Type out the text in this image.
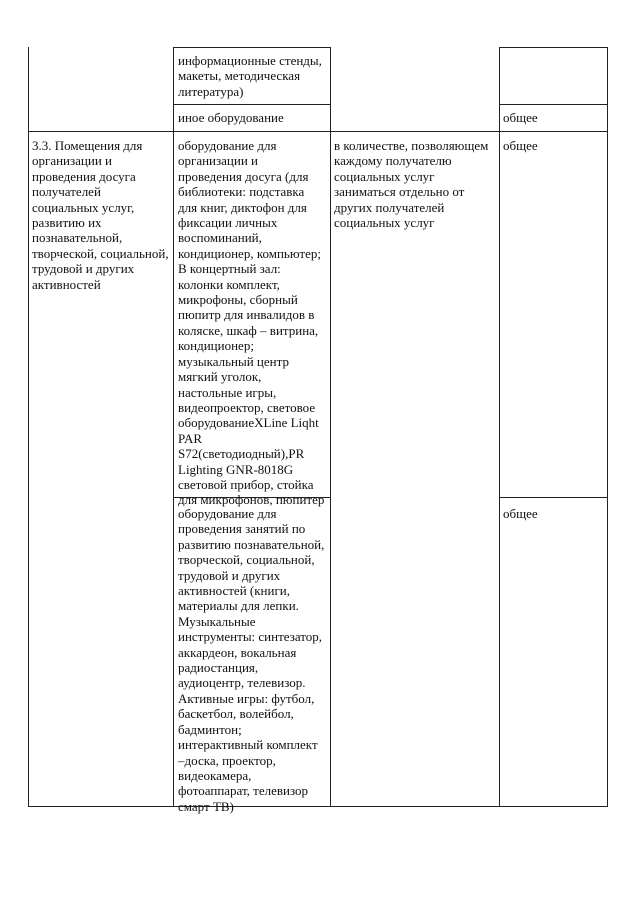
информационные стенды,
макеты, методическая
литература)
иное оборудование	общее
3.3. Помещения для
организации и
проведения досуга
получателей
социальных услуг,
развитию их
познавательной,
творческой, социальной,
трудовой и других
активностей
оборудование для
организации и
проведения досуга (для
библиотеки: подставка
для книг, диктофон для
фиксации личных
воспоминаний,
кондиционер, компьютер;
В концертный зал:
колонки комплект,
микрофоны, сборный
пюпитр для инвалидов в
коляске, шкаф – витрина,
кондиционер;
музыкальный центр
мягкий уголок,
настольные игры,
видеопроектор, световое
оборудованиеXLine Liqht
PAR
S72(светодиодный),PR
Lighting GNR-8018G
световой прибор, стойка
для микрофонов, пюпитер
в количестве, позволяющем
каждому получателю
социальных услуг
заниматься отдельно от
других получателей
социальных услуг
общее
оборудование для
проведения занятий по
развитию познавательной,
творческой, социальной,
трудовой и других
активностей (книги,
материалы для лепки.
Музыкальные
инструменты: синтезатор,
аккардеон, вокальная
радиостанция,
аудиоцентр, телевизор.
Активные игры: футбол,
баскетбол, волейбол,
бадминтон;
интерактивный комплект
–доска, проектор,
видеокамера,
фотоаппарат, телевизор
смарт ТВ)
общее
